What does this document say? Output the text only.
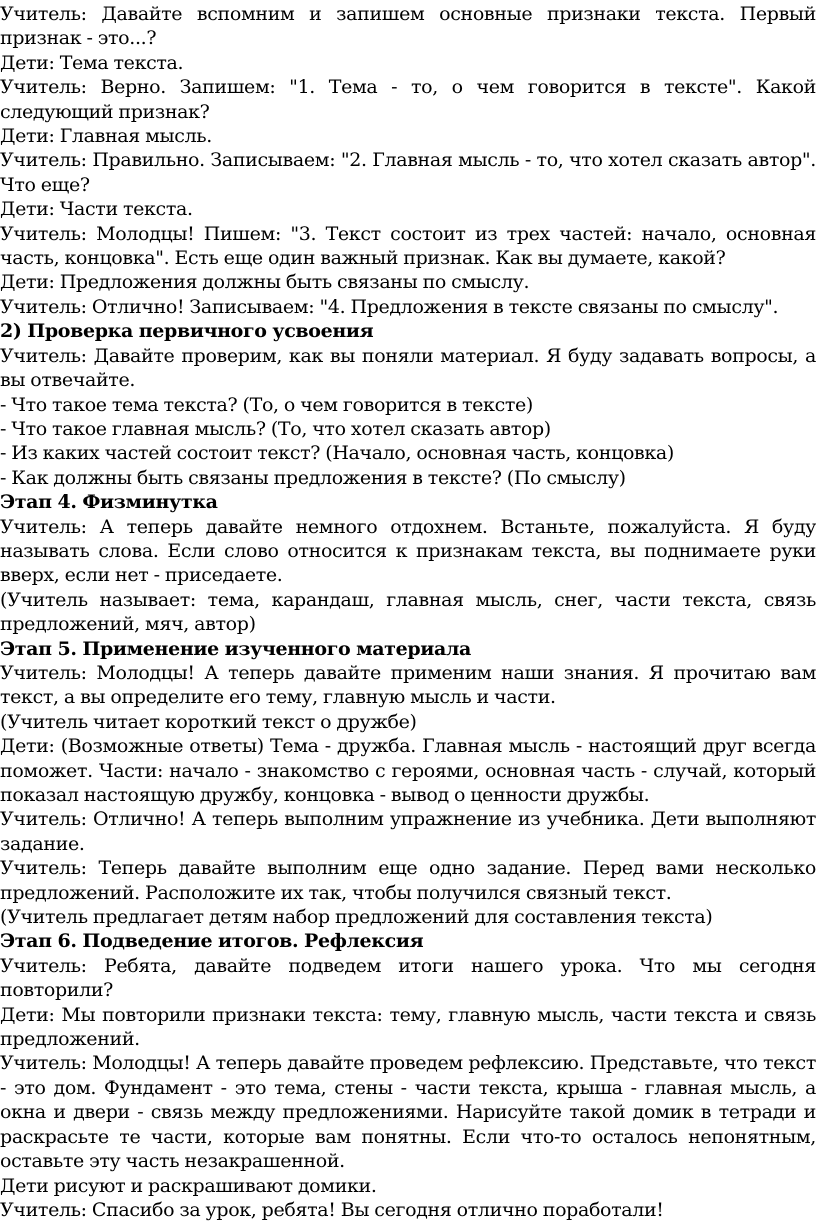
Учитель: Давайте вспомним и запишем основные признаки текста. Первый признак - это...?

Дети: Тема текста.

Учитель: Верно. Запишем: "1. Тема - то, о чем говорится в тексте". Какой следующий признак?

Дети: Главная мысль.

Учитель: Правильно. Записываем: "2. Главная мысль - то, что хотел сказать автор". Что еще?

Дети: Части текста.

Учитель: Молодцы! Пишем: "3. Текст состоит из трех частей: начало, основная часть, концовка". Есть еще один важный признак. Как вы думаете, какой?

Дети: Предложения должны быть связаны по смыслу.

Учитель: Отлично! Записываем: "4. Предложения в тексте связаны по смыслу".

2) Проверка первичного усвоения

Учитель: Давайте проверим, как вы поняли материал. Я буду задавать вопросы, а вы отвечайте.

- Что такое тема текста? (То, о чем говорится в тексте)

- Что такое главная мысль? (То, что хотел сказать автор)

- Из каких частей состоит текст? (Начало, основная часть, концовка)

- Как должны быть связаны предложения в тексте? (По смыслу)

Этап 4. Физминутка

Учитель: А теперь давайте немного отдохнем. Встаньте, пожалуйста. Я буду называть слова. Если слово относится к признакам текста, вы поднимаете руки вверх, если нет - приседаете.

(Учитель называет: тема, карандаш, главная мысль, снег, части текста, связь предложений, мяч, автор)

Этап 5. Применение изученного материала

Учитель: Молодцы! А теперь давайте применим наши знания. Я прочитаю вам текст, а вы определите его тему, главную мысль и части.

(Учитель читает короткий текст о дружбе)

Дети: (Возможные ответы) Тема - дружба. Главная мысль - настоящий друг всегда поможет. Части: начало - знакомство с героями, основная часть - случай, который показал настоящую дружбу, концовка - вывод о ценности дружбы.

Учитель: Отлично! А теперь выполним упражнение из учебника. Дети выполняют задание.

Учитель: Теперь давайте выполним еще одно задание. Перед вами несколько предложений. Расположите их так, чтобы получился связный текст.

(Учитель предлагает детям набор предложений для составления текста)

Этап 6. Подведение итогов. Рефлексия

Учитель: Ребята, давайте подведем итоги нашего урока. Что мы сегодня повторили?

Дети: Мы повторили признаки текста: тему, главную мысль, части текста и связь предложений.

Учитель: Молодцы! А теперь давайте проведем рефлексию. Представьте, что текст - это дом. Фундамент - это тема, стены - части текста, крыша - главная мысль, а окна и двери - связь между предложениями. Нарисуйте такой домик в тетради и раскрасьте те части, которые вам понятны. Если что-то осталось непонятным, оставьте эту часть незакрашенной.

Дети рисуют и раскрашивают домики.

Учитель: Спасибо за урок, ребята! Вы сегодня отлично поработали!
